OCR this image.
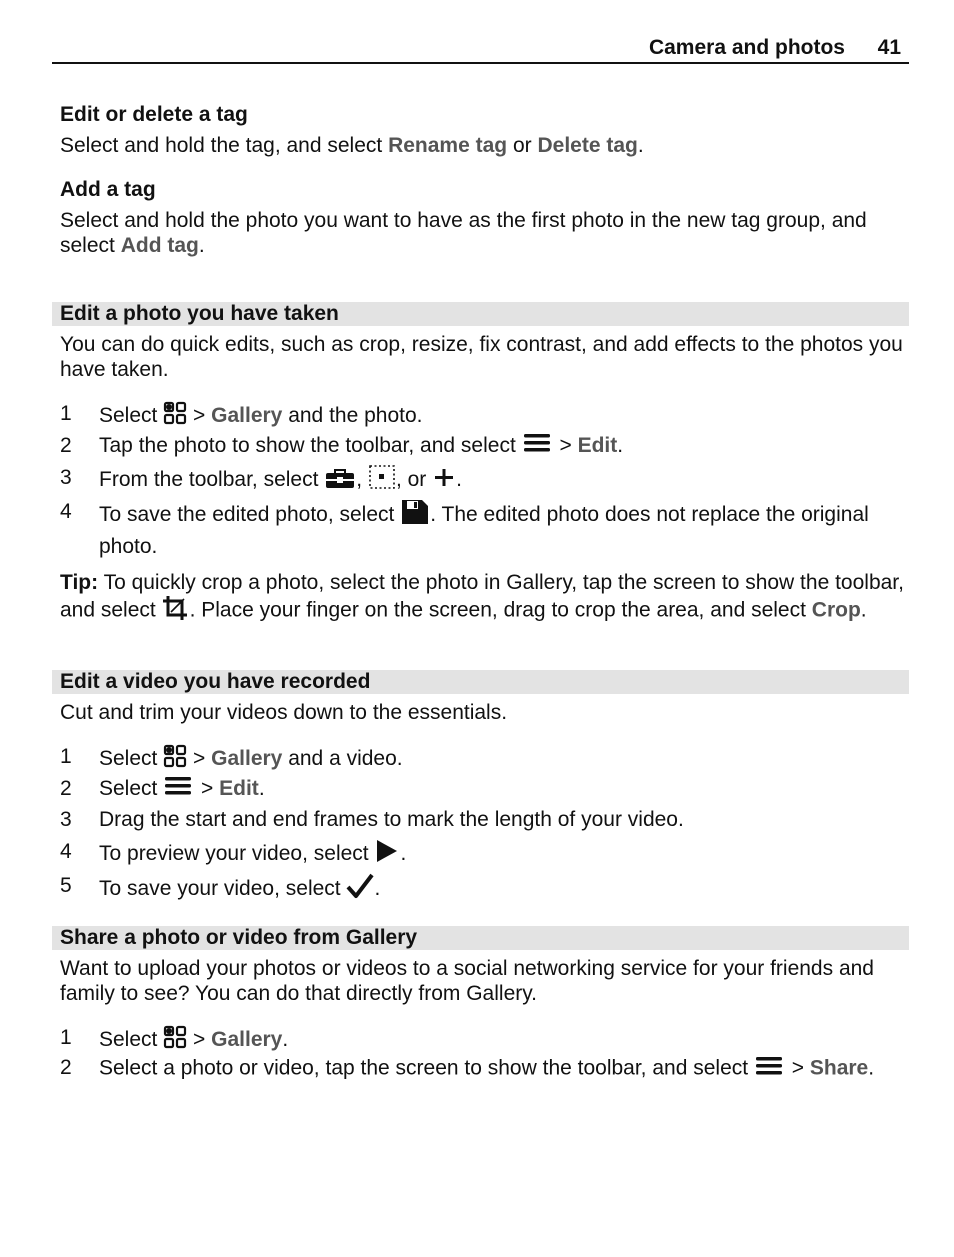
Camera and photos 41
Edit or delete a tag
Select and hold the tag, and select Rename tag or Delete tag.
Add a tag
Select and hold the photo you want to have as the first photo in the new tag group, and select Add tag.
Edit a photo you have taken
You can do quick edits, such as crop, resize, fix contrast, and add effects to the photos you have taken.
1 Select  > Gallery and the photo.
2 Tap the photo to show the toolbar, and select  > Edit.
3 From the toolbar, select , , or .
4 To save the edited photo, select . The edited photo does not replace the original photo.
Tip: To quickly crop a photo, select the photo in Gallery, tap the screen to show the toolbar, and select . Place your finger on the screen, drag to crop the area, and select Crop.
Edit a video you have recorded
Cut and trim your videos down to the essentials.
1 Select  > Gallery and a video.
2 Select  > Edit.
3 Drag the start and end frames to mark the length of your video.
4 To preview your video, select .
5 To save your video, select .
Share a photo or video from Gallery
Want to upload your photos or videos to a social networking service for your friends and family to see? You can do that directly from Gallery.
1 Select  > Gallery.
2 Select a photo or video, tap the screen to show the toolbar, and select  > Share.
